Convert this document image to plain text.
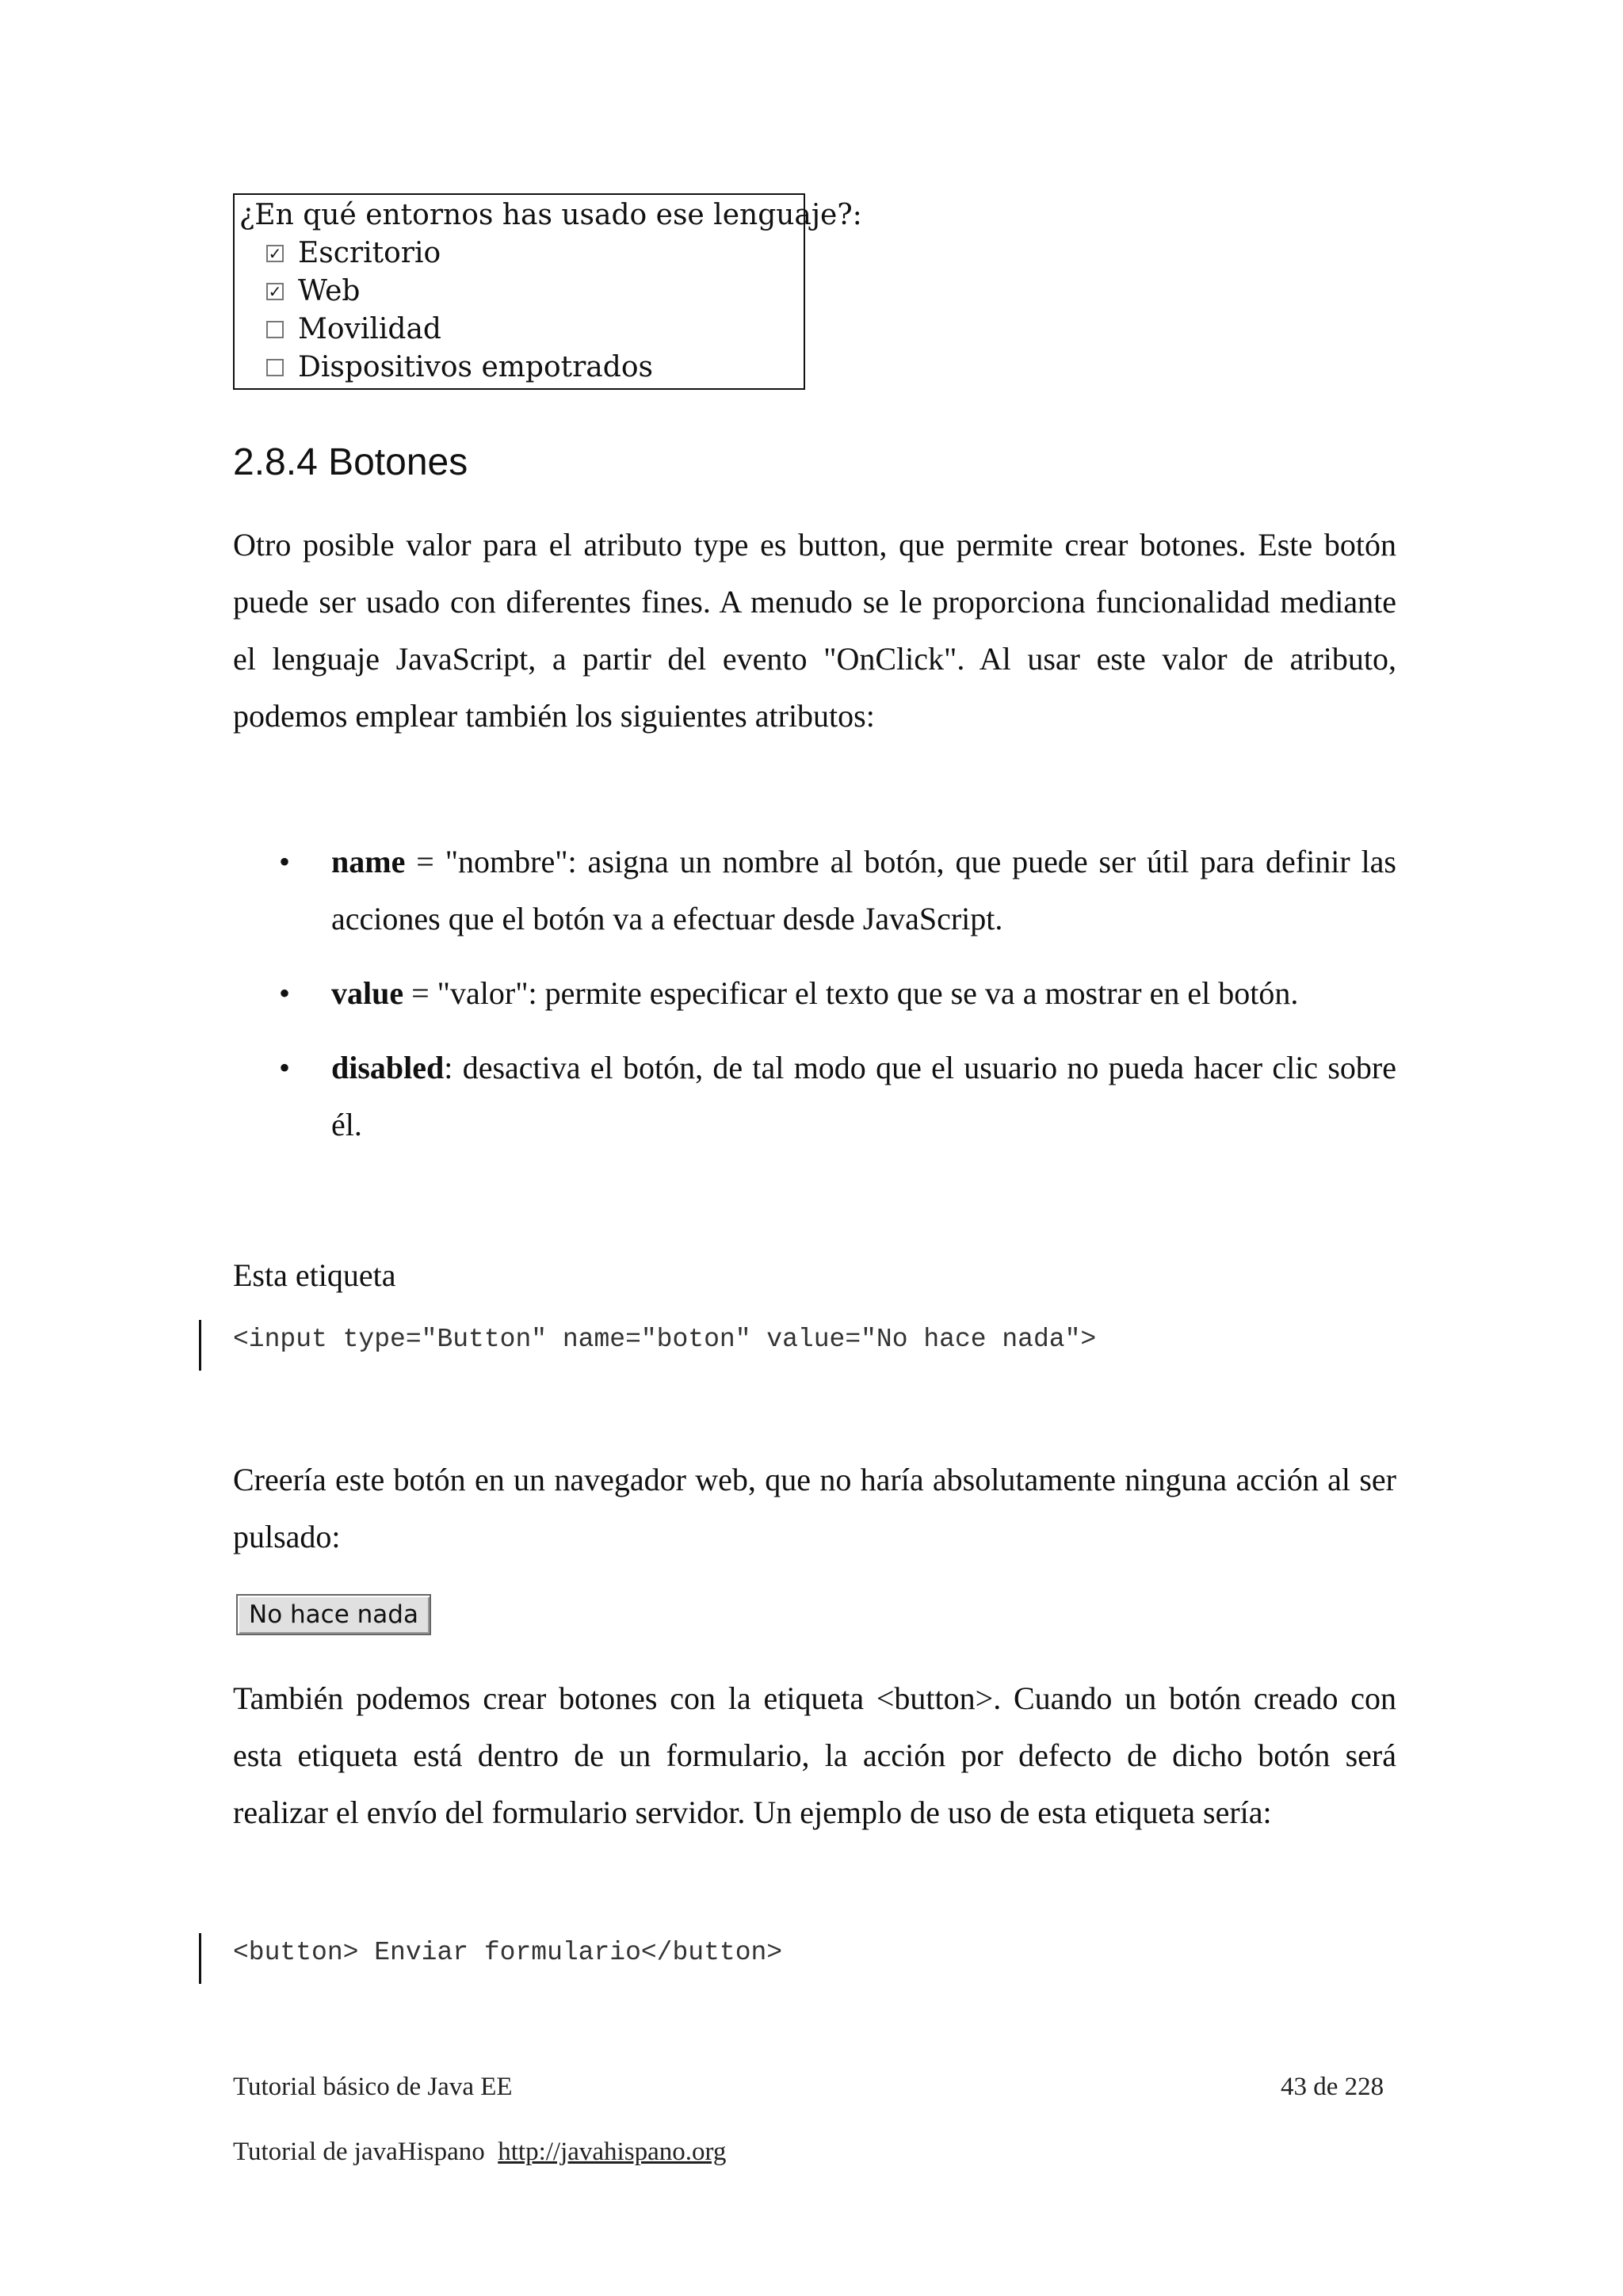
¿En qué entornos has usado ese lenguaje?:
✓ Escritorio
✓ Web
Movilidad
Dispositivos empotrados
2.8.4 Botones
Otro posible valor para el atributo type es button, que permite crear botones. Este botón puede ser usado con diferentes fines. A menudo se le proporciona funcionalidad mediante el lenguaje JavaScript, a partir del evento "OnClick". Al usar este valor de atributo, podemos emplear también los siguientes atributos:
• name = "nombre": asigna un nombre al botón, que puede ser útil para definir las acciones que el botón va a efectuar desde JavaScript.
• value = "valor": permite especificar el texto que se va a mostrar en el botón.
• disabled: desactiva el botón, de tal modo que el usuario no pueda hacer clic sobre él.
Esta etiqueta
<input type="Button" name="boton" value="No hace nada">
Creería este botón en un navegador web, que no haría absolutamente ninguna acción al ser pulsado:
No hace nada
También podemos crear botones con la etiqueta <button>. Cuando un botón creado con esta etiqueta está dentro de un formulario, la acción por defecto de dicho botón será realizar el envío del formulario servidor. Un ejemplo de uso de esta etiqueta sería:
<button> Enviar formulario</button>
Tutorial básico de Java EE	43 de 228
Tutorial de javaHispano http://javahispano.org
